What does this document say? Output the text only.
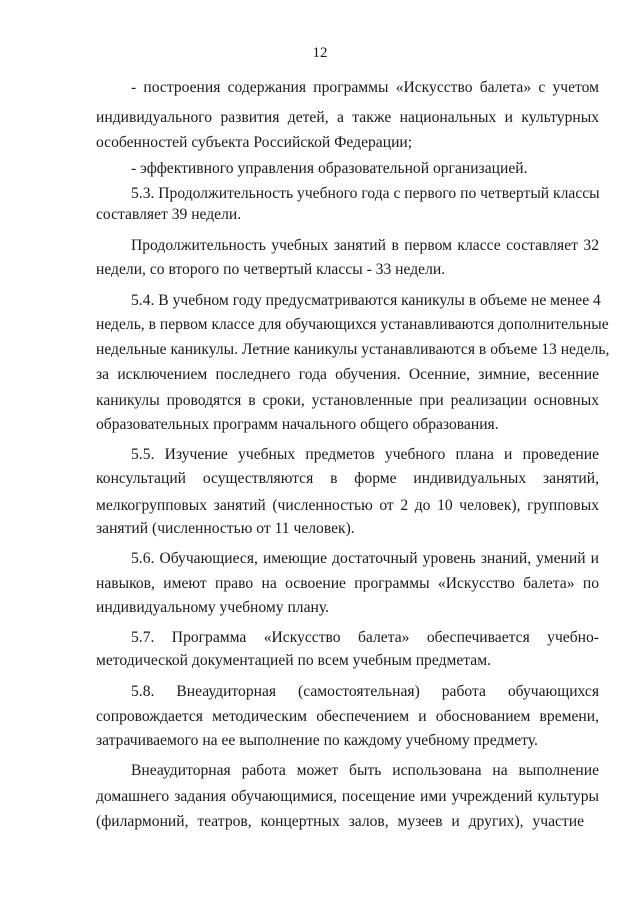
12
- построения содержания программы «Искусство балета» с учетом
индивидуального развития детей, а также национальных и культурных
особенностей субъекта Российской Федерации;
- эффективного управления образовательной организацией.
5.3. Продолжительность учебного года с первого по четвертый классы
составляет 39 недели.
Продолжительность учебных занятий в первом классе составляет 32
недели, со второго по четвертый классы - 33 недели.
5.4. В учебном году предусматриваются каникулы в объеме не менее 4
недель, в первом классе для обучающихся устанавливаются дополнительные
недельные каникулы. Летние каникулы устанавливаются в объеме 13 недель,
за исключением последнего года обучения. Осенние, зимние, весенние
каникулы проводятся в сроки, установленные при реализации основных
образовательных программ начального общего образования.
5.5. Изучение учебных предметов учебного плана и проведение
консультаций осуществляются в форме индивидуальных занятий,
мелкогрупповых занятий (численностью от 2 до 10 человек), групповых
занятий (численностью от 11 человек).
5.6. Обучающиеся, имеющие достаточный уровень знаний, умений и
навыков, имеют право на освоение программы «Искусство балета» по
индивидуальному учебному плану.
5.7. Программа «Искусство балета» обеспечивается учебно-
методической документацией по всем учебным предметам.
5.8. Внеаудиторная (самостоятельная) работа обучающихся
сопровождается методическим обеспечением и обоснованием времени,
затрачиваемого на ее выполнение по каждому учебному предмету.
Внеаудиторная работа может быть использована на выполнение
домашнего задания обучающимися, посещение ими учреждений культуры
(филармоний, театров, концертных залов, музеев и других), участие
